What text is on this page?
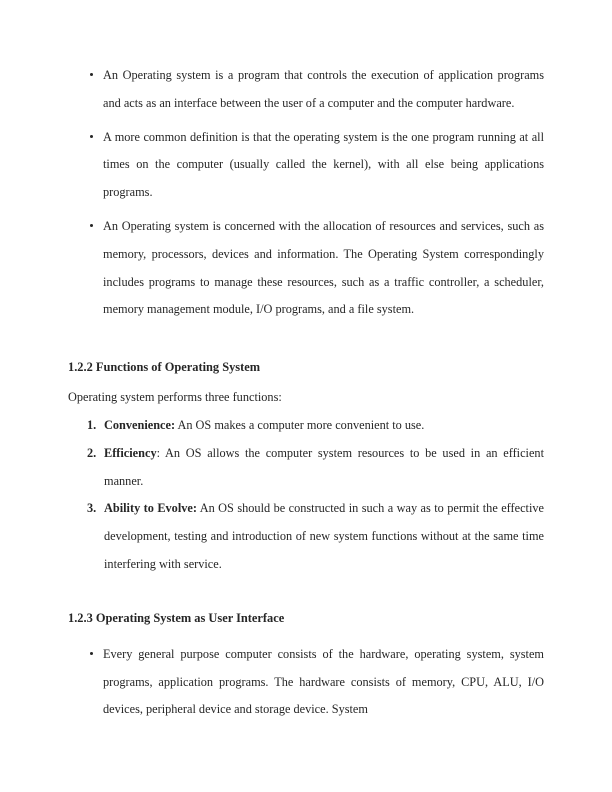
An Operating system is a program that controls the execution of application programs and acts as an interface between the user of a computer and the computer hardware.
A more common definition is that the operating system is the one program running at all times on the computer (usually called the kernel), with all else being applications programs.
An Operating system is concerned with the allocation of resources and services, such as memory, processors, devices and information. The Operating System correspondingly includes programs to manage these resources, such as a traffic controller, a scheduler, memory management module, I/O programs, and a file system.
1.2.2 Functions of Operating System

Operating system performs three functions:

1. Convenience: An OS makes a computer more convenient to use.
2. Efficiency: An OS allows the computer system resources to be used in an efficient manner.
3. Ability to Evolve: An OS should be constructed in such a way as to permit the effective development, testing and introduction of new system functions without at the same time interfering with service.
1.2.3 Operating System as User Interface
Every general purpose computer consists of the hardware, operating system, system programs, application programs. The hardware consists of memory, CPU, ALU, I/O devices, peripheral device and storage device. System
